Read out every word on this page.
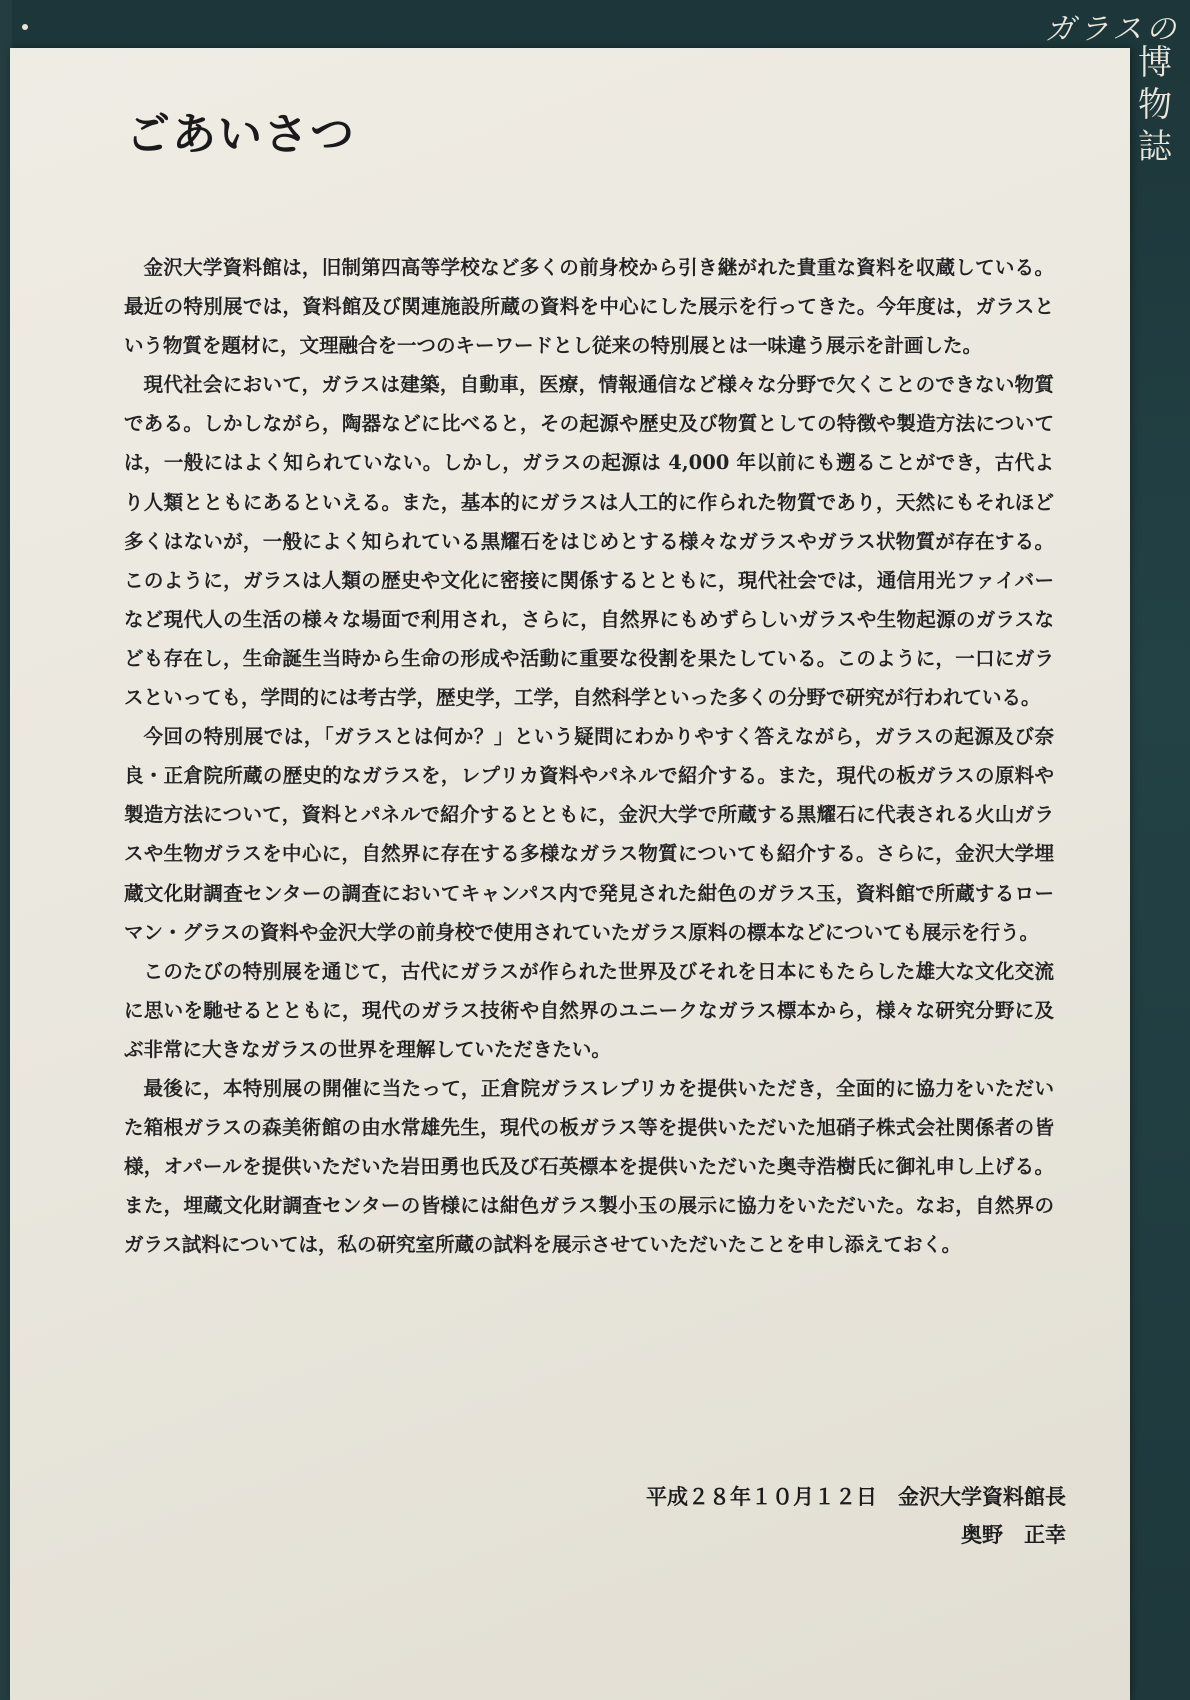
ガラスの
博物誌
ごあいさつ

金沢大学資料館は，旧制第四高等学校など多くの前身校から引き継がれた貴重な資料を収蔵している。最近の特別展では，資料館及び関連施設所蔵の資料を中心にした展示を行ってきた。今年度は，ガラスという物質を題材に，文理融合を一つのキーワードとし従来の特別展とは一味違う展示を計画した。

現代社会において，ガラスは建築，自動車，医療，情報通信など様々な分野で欠くことのできない物質である。しかしながら，陶器などに比べると，その起源や歴史及び物質としての特徴や製造方法については，一般にはよく知られていない。しかし，ガラスの起源は 4,000 年以前にも遡ることができ，古代より人類とともにあるといえる。また，基本的にガラスは人工的に作られた物質であり，天然にもそれほど多くはないが，一般によく知られている黒耀石をはじめとする様々なガラスやガラス状物質が存在する。このように，ガラスは人類の歴史や文化に密接に関係するとともに，現代社会では，通信用光ファイバーなど現代人の生活の様々な場面で利用され，さらに，自然界にもめずらしいガラスや生物起源のガラスなども存在し，生命誕生当時から生命の形成や活動に重要な役割を果たしている。このように，一口にガラスといっても，学問的には考古学，歴史学，工学，自然科学といった多くの分野で研究が行われている。

今回の特別展では，「ガラスとは何か？」という疑問にわかりやすく答えながら，ガラスの起源及び奈良・正倉院所蔵の歴史的なガラスを，レプリカ資料やパネルで紹介する。また，現代の板ガラスの原料や製造方法について，資料とパネルで紹介するとともに，金沢大学で所蔵する黒耀石に代表される火山ガラスや生物ガラスを中心に，自然界に存在する多様なガラス物質についても紹介する。さらに，金沢大学埋蔵文化財調査センターの調査においてキャンパス内で発見された紺色のガラス玉，資料館で所蔵するローマン・グラスの資料や金沢大学の前身校で使用されていたガラス原料の標本などについても展示を行う。

このたびの特別展を通じて，古代にガラスが作られた世界及びそれを日本にもたらした雄大な文化交流に思いを馳せるとともに，現代のガラス技術や自然界のユニークなガラス標本から，様々な研究分野に及ぶ非常に大きなガラスの世界を理解していただきたい。

最後に，本特別展の開催に当たって，正倉院ガラスレプリカを提供いただき，全面的に協力をいただいた箱根ガラスの森美術館の由水常雄先生，現代の板ガラス等を提供いただいた旭硝子株式会社関係者の皆様，オパールを提供いただいた岩田勇也氏及び石英標本を提供いただいた奥寺浩樹氏に御礼申し上げる。また，埋蔵文化財調査センターの皆様には紺色ガラス製小玉の展示に協力をいただいた。なお，自然界のガラス試料については，私の研究室所蔵の試料を展示させていただいたことを申し添えておく。

平成２８年１０月１２日　金沢大学資料館長
奥野　正幸
